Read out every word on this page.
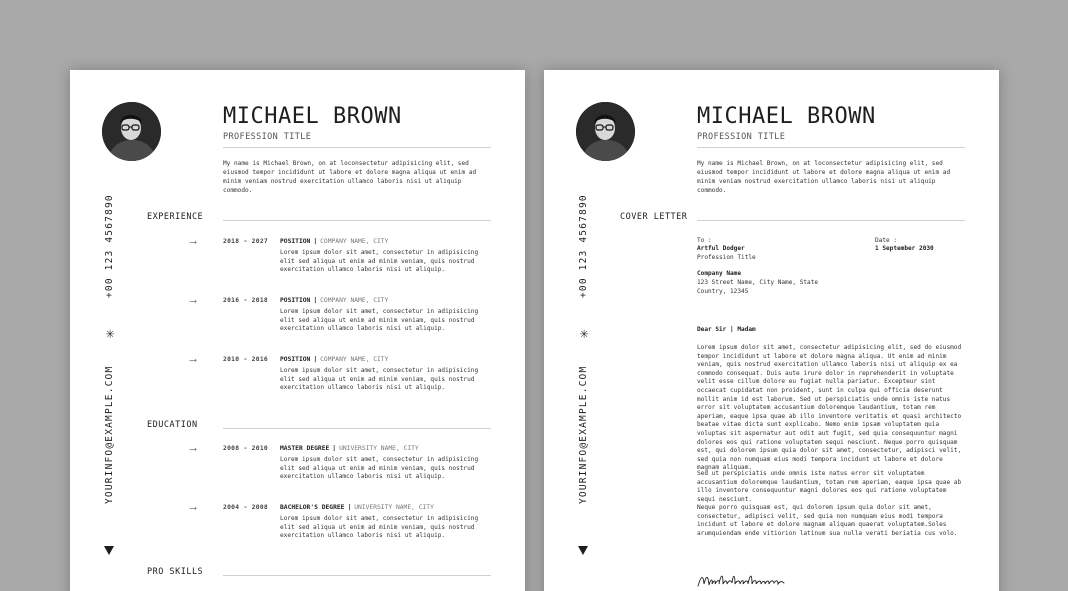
MICHAEL BROWN
PROFESSION TITLE
My name is Michael Brown, on at loconsectetur adipisicing elit, sed eiusmod tempor incididunt ut labore et dolore magna aliqua ut enim ad minim veniam nostrud exercitation ullamco laboris nisi ut aliquip commodo.
+00 123 4567890
✳
YOURINFO@EXAMPLE.COM
EXPERIENCE
⟶	2018 - 2027 POSITION | COMPANY NAME, CITY
Lorem ipsum dolor sit amet, consectetur in adipisicing elit sed aliqua ut enim ad minim veniam, quis nostrud exercitation ullamco laboris nisi ut aliquip.
⟶	2016 - 2018 POSITION | COMPANY NAME, CITY
Lorem ipsum dolor sit amet, consectetur in adipisicing elit sed aliqua ut enim ad minim veniam, quis nostrud exercitation ullamco laboris nisi ut aliquip.
⟶	2010 - 2016 POSITION | COMPANY NAME, CITY
Lorem ipsum dolor sit amet, consectetur in adipisicing elit sed aliqua ut enim ad minim veniam, quis nostrud exercitation ullamco laboris nisi ut aliquip.
EDUCATION
⟶	2008 - 2010 MASTER DEGREE | UNIVERSITY NAME, CITY
Lorem ipsum dolor sit amet, consectetur in adipisicing elit sed aliqua ut enim ad minim veniam, quis nostrud exercitation ullamco laboris nisi ut aliquip.
⟶	2004 - 2008 BACHELOR'S DEGREE | UNIVERSITY NAME, CITY
Lorem ipsum dolor sit amet, consectetur in adipisicing elit sed aliqua ut enim ad minim veniam, quis nostrud exercitation ullamco laboris nisi ut aliquip.
PRO SKILLS
MICHAEL BROWN
PROFESSION TITLE
My name is Michael Brown, on at loconsectetur adipisicing elit, sed eiusmod tempor incididunt ut labore et dolore magna aliqua ut enim ad minim veniam nostrud exercitation ullamco laboris nisi ut aliquip commodo.
+00 123 4567890
✳
YOURINFO@EXAMPLE.COM
COVER LETTER
To :
Artful Dodger
Profession Title
Date :
1 September 2030
Company Name
123 Street Name, City Name, State
Country, 12345
Dear Sir | Madam
Lorem ipsum dolor sit amet, consectetur adipisicing elit, sed do eiusmod tempor incididunt ut labore et dolore magna aliqua. Ut enim ad minim veniam, quis nostrud exercitation ullamco laboris nisi ut aliquip ex ea commodo consequat. Duis aute irure dolor in reprehenderit in voluptate velit esse cillum dolore eu fugiat nulla pariatur. Excepteur sint occaecat cupidatat non proident, sunt in culpa qui officia deserunt mollit anim id est laborum. Sed ut perspiciatis unde omnis iste natus error sit voluptatem accusantium doloremque laudantium, totam rem aperiam, eaque ipsa quae ab illo inventore veritatis et quasi architecto beatae vitae dicta sunt explicabo. Nemo enim ipsam voluptatem quia voluptas sit aspernatur aut odit aut fugit, sed quia consequuntur magni dolores eos qui ratione voluptatem sequi nesciunt. Neque porro quisquam est, qui dolorem ipsum quia dolor sit amet, consectetur, adipisci velit, sed quia non numquam eius modi tempora incidunt ut labore et dolore magnam aliquam.
Sed ut perspiciatis unde omnis iste natus error sit voluptatem accusantium doloremque laudantium, totam rem aperiam, eaque ipsa quae ab illo inventore consequuntur magni dolores eos qui ratione voluptatem sequi nesciunt.
Neque porro quisquam est, qui dolorem ipsum quia dolor sit amet, consectetur, adipisci velit, sed quia non numquam eius modi tempora incidunt ut labore et dolore magnam aliquam quaerat voluptatem.Soles arumquiendam ende vitiorion latinum sua nulla verati beriatia cus volo.
